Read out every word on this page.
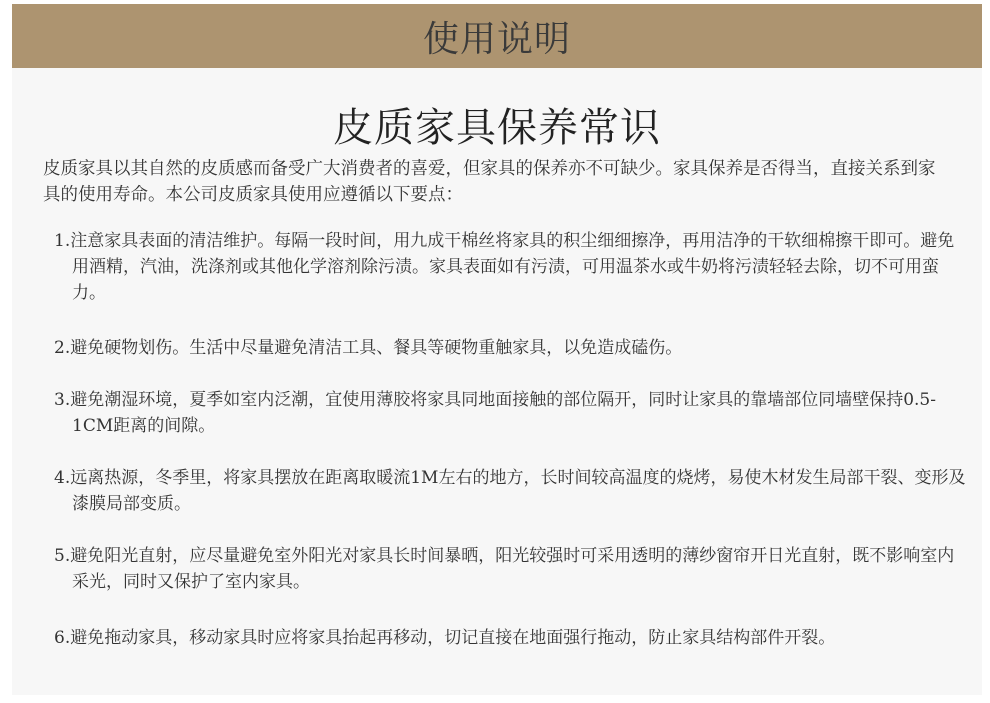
使用说明
皮质家具保养常识
皮质家具以其自然的皮质感而备受广大消费者的喜爱，但家具的保养亦不可缺少。家具保养是否得当，直接关系到家具的使用寿命。本公司皮质家具使用应遵循以下要点：
1.注意家具表面的清洁维护。每隔一段时间，用九成干棉丝将家具的积尘细细擦净，再用洁净的干软细棉擦干即可。避免用酒精，汽油，洗涤剂或其他化学溶剂除污渍。家具表面如有污渍，可用温茶水或牛奶将污渍轻轻去除，切不可用蛮力。
2.避免硬物划伤。生活中尽量避免清洁工具、餐具等硬物重触家具，以免造成磕伤。
3.避免潮湿环境，夏季如室内泛潮，宜使用薄胶将家具同地面接触的部位隔开，同时让家具的靠墙部位同墙壁保持0.5-1CM距离的间隙。
4.远离热源，冬季里，将家具摆放在距离取暖流1M左右的地方，长时间较高温度的烧烤，易使木材发生局部干裂、变形及漆膜局部变质。
5.避免阳光直射，应尽量避免室外阳光对家具长时间暴晒，阳光较强时可采用透明的薄纱窗帘开日光直射，既不影响室内采光，同时又保护了室内家具。
6.避免拖动家具，移动家具时应将家具抬起再移动，切记直接在地面强行拖动，防止家具结构部件开裂。
